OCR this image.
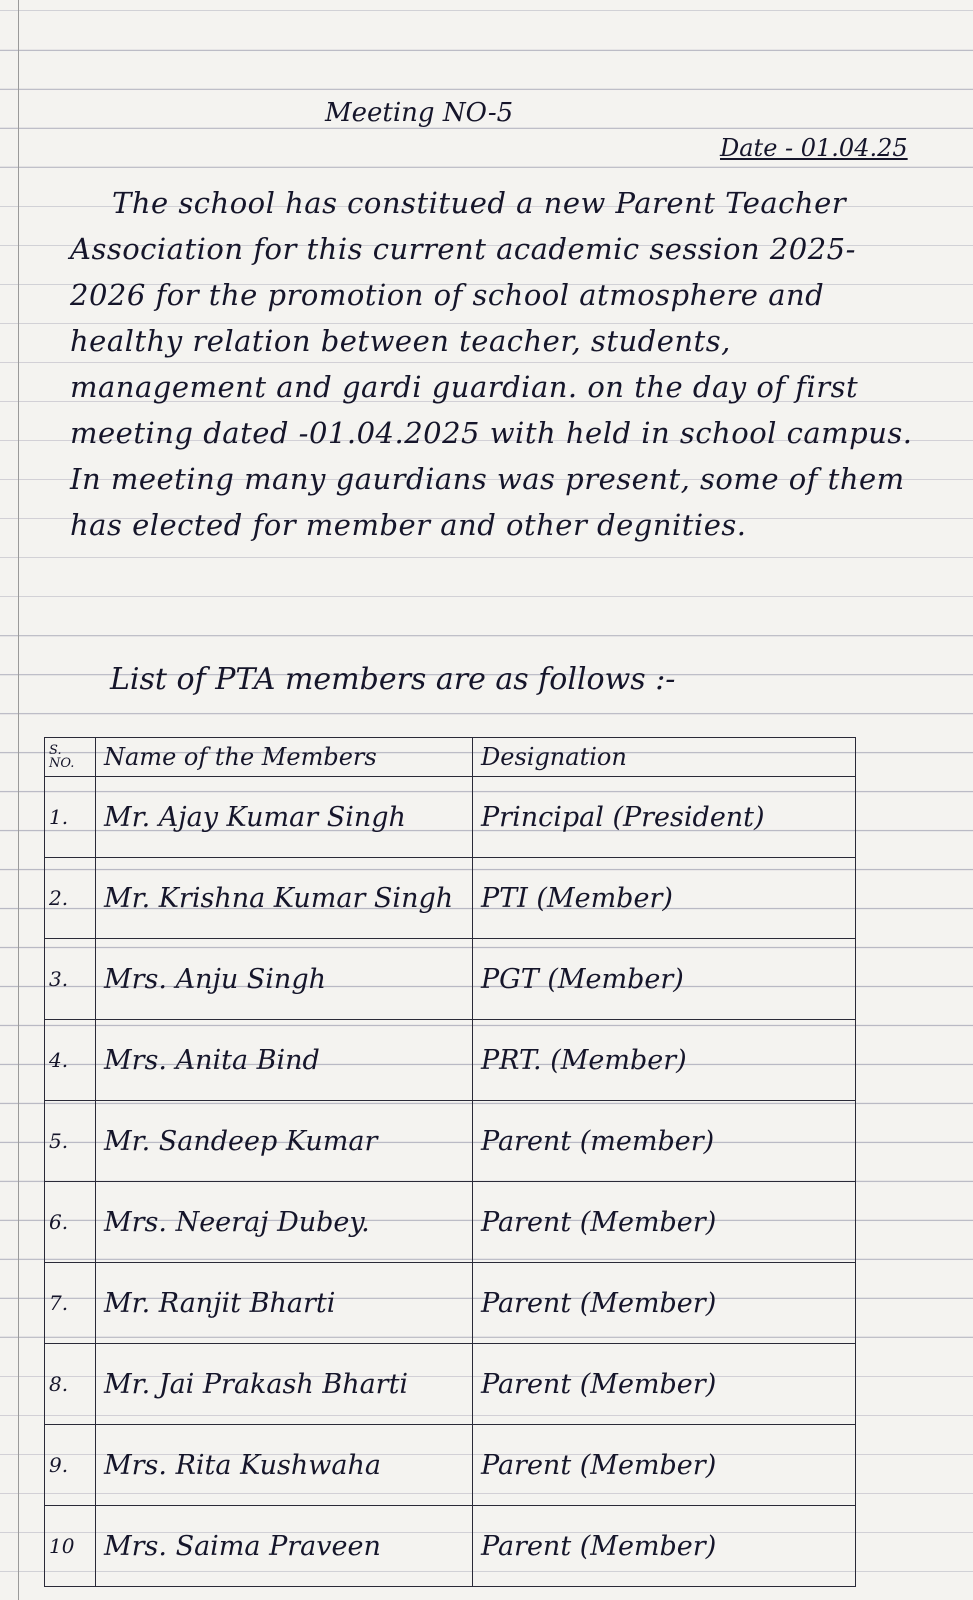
Meeting NO-5
Date - 01.04.25

The school has constitued a new Parent Teacher Association for this current academic session 2025-2026 for the promotion of school atmosphere and healthy relation between teacher, students, management and gardi guardian. on the day of first meeting dated -01.04.2025 with held in school campus. In meeting many gaurdians was present, some of them has elected for member and other degnities.

List of PTA members are as follows :-
S. NO.	Name of the Members	Designation
1.	Mr. Ajay Kumar Singh	Principal (President)
2.	Mr. Krishna Kumar Singh	PTI (Member)
3.	Mrs. Anju Singh	PGT (Member)
4.	Mrs. Anita Bind	PRT. (Member)
5.	Mr. Sandeep Kumar	Parent (member)
6.	Mrs. Neeraj Dubey.	Parent (Member)
7.	Mr. Ranjit Bharti	Parent (Member)
8.	Mr. Jai Prakash Bharti	Parent (Member)
9.	Mrs. Rita Kushwaha	Parent (Member)
10	Mrs. Saima Praveen	Parent (Member)
